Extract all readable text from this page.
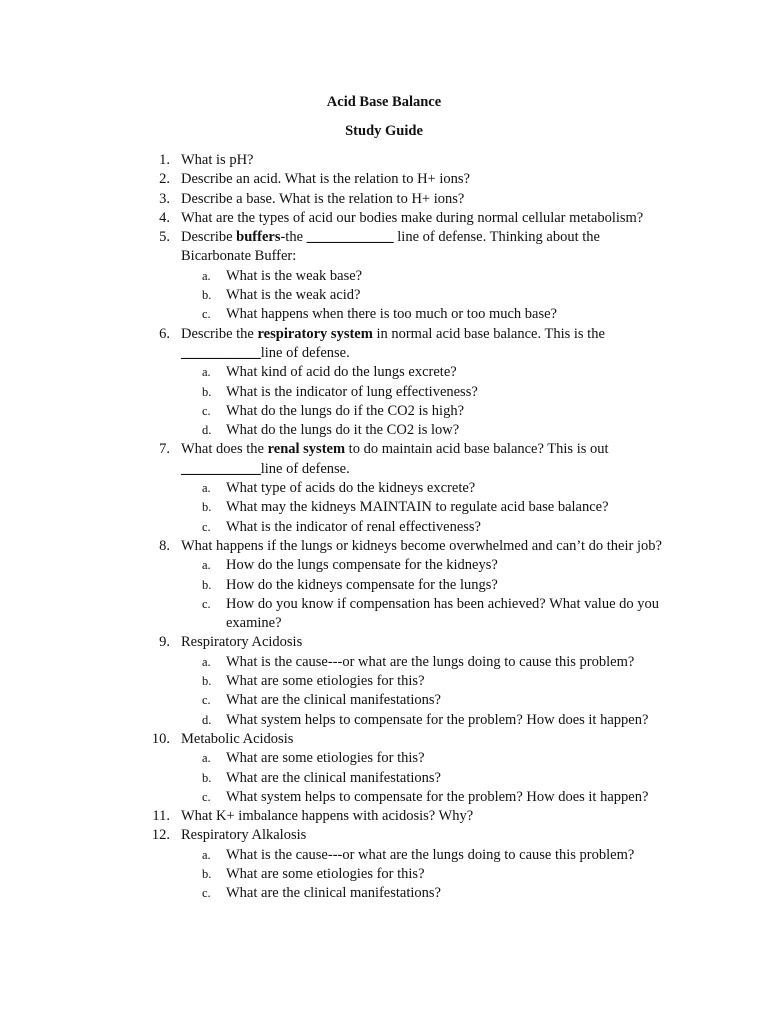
Acid Base Balance
Study Guide
1. What is pH?
2. Describe an acid. What is the relation to H+ ions?
3. Describe a base. What is the relation to H+ ions?
4. What are the types of acid our bodies make during normal cellular metabolism?
5. Describe buffers-the ____________ line of defense. Thinking about the Bicarbonate Buffer:
a. What is the weak base?
b. What is the weak acid?
c. What happens when there is too much or too much base?
6. Describe the respiratory system in normal acid base balance. This is the ___________line of defense.
a. What kind of acid do the lungs excrete?
b. What is the indicator of lung effectiveness?
c. What do the lungs do if the CO2 is high?
d. What do the lungs do it the CO2 is low?
7. What does the renal system to do maintain acid base balance? This is out ___________line of defense.
a. What type of acids do the kidneys excrete?
b. What may the kidneys MAINTAIN to regulate acid base balance?
c. What is the indicator of renal effectiveness?
8. What happens if the lungs or kidneys become overwhelmed and can’t do their job?
a. How do the lungs compensate for the kidneys?
b. How do the kidneys compensate for the lungs?
c. How do you know if compensation has been achieved? What value do you examine?
9. Respiratory Acidosis
a. What is the cause---or what are the lungs doing to cause this problem?
b. What are some etiologies for this?
c. What are the clinical manifestations?
d. What system helps to compensate for the problem? How does it happen?
10. Metabolic Acidosis
a. What are some etiologies for this?
b. What are the clinical manifestations?
c. What system helps to compensate for the problem? How does it happen?
11. What K+ imbalance happens with acidosis? Why?
12. Respiratory Alkalosis
a. What is the cause---or what are the lungs doing to cause this problem?
b. What are some etiologies for this?
c. What are the clinical manifestations?
